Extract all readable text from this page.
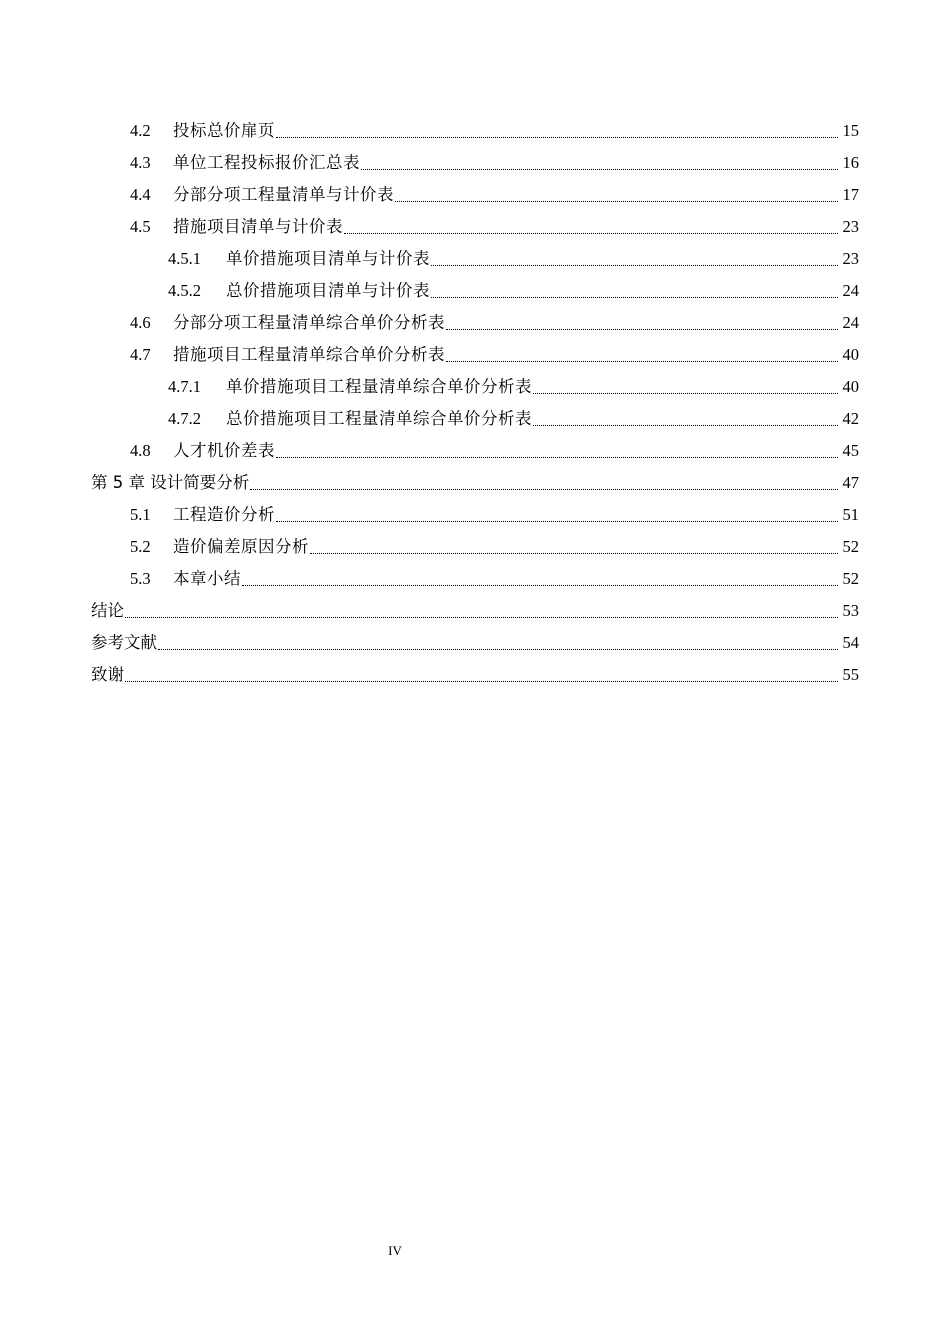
4.2	投标总价扉页	15
4.3	单位工程投标报价汇总表	16
4.4	分部分项工程量清单与计价表	17
4.5	措施项目清单与计价表	23
4.5.1	单价措施项目清单与计价表	23
4.5.2	总价措施项目清单与计价表	24
4.6	分部分项工程量清单综合单价分析表	24
4.7	措施项目工程量清单综合单价分析表	40
4.7.1	单价措施项目工程量清单综合单价分析表	40
4.7.2	总价措施项目工程量清单综合单价分析表	42
4.8	人才机价差表	45
第 5 章 设计简要分析	47
5.1	工程造价分析	51
5.2	造价偏差原因分析	52
5.3	本章小结	52
结论	53
参考文献	54
致谢	55
IV
